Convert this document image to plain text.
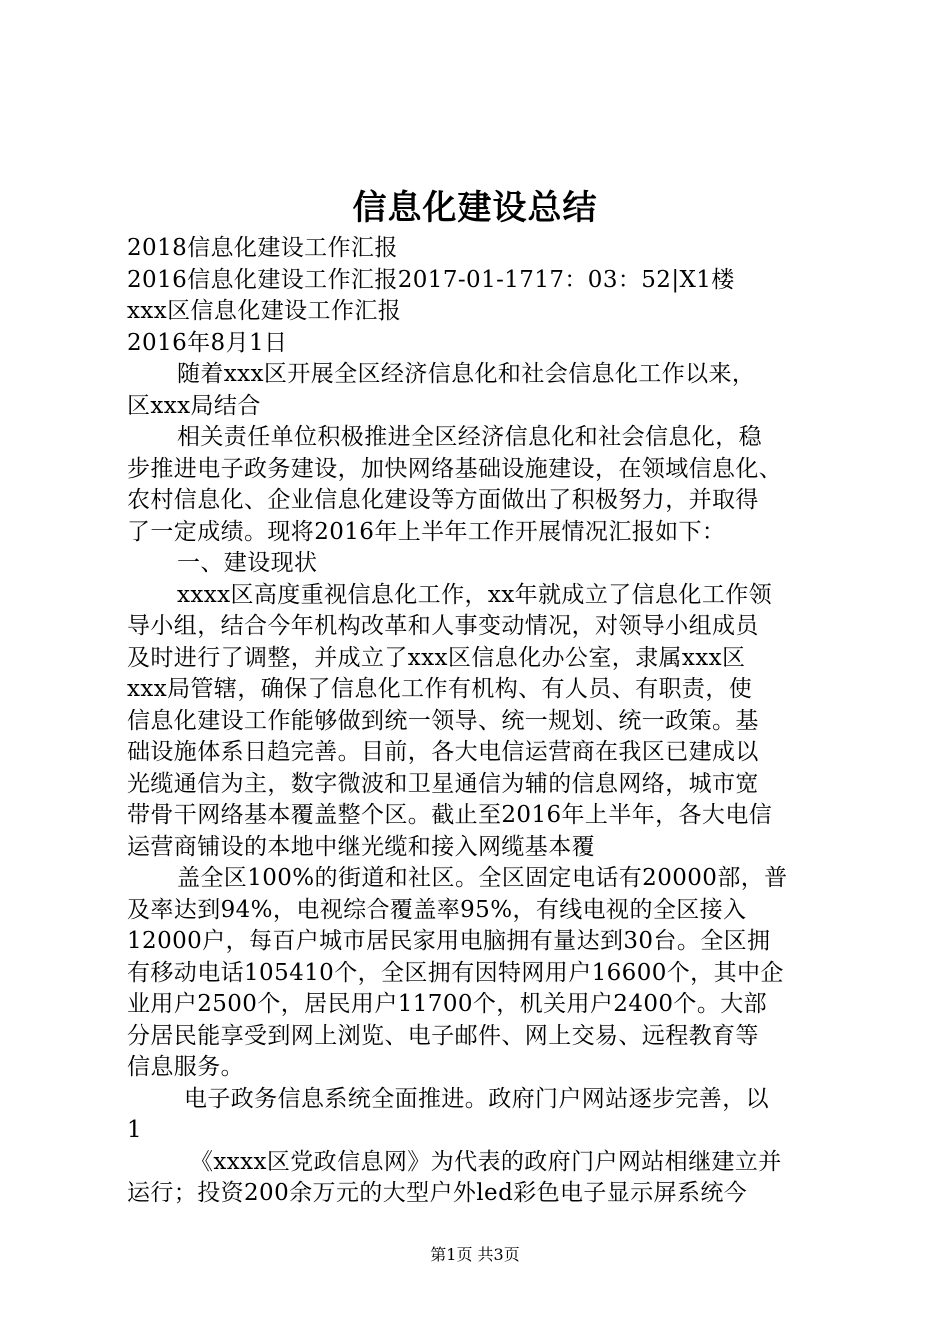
信息化建设总结
2018信息化建设工作汇报
2016信息化建设工作汇报2017-01-1717：03：52|X1楼
xxx区信息化建设工作汇报
2016年8月1日
随着xxx区开展全区经济信息化和社会信息化工作以来，
区xxx局结合
相关责任单位积极推进全区经济信息化和社会信息化，稳
步推进电子政务建设，加快网络基础设施建设，在领域信息化、
农村信息化、企业信息化建设等方面做出了积极努力，并取得
了一定成绩。现将2016年上半年工作开展情况汇报如下：
一、建设现状
xxxx区高度重视信息化工作，xx年就成立了信息化工作领
导小组，结合今年机构改革和人事变动情况，对领导小组成员
及时进行了调整，并成立了xxx区信息化办公室，隶属xxx区
xxx局管辖，确保了信息化工作有机构、有人员、有职责，使
信息化建设工作能够做到统一领导、统一规划、统一政策。基
础设施体系日趋完善。目前，各大电信运营商在我区已建成以
光缆通信为主，数字微波和卫星通信为辅的信息网络，城市宽
带骨干网络基本覆盖整个区。截止至2016年上半年，各大电信
运营商铺设的本地中继光缆和接入网缆基本覆
盖全区100%的街道和社区。全区固定电话有20000部，普
及率达到94%，电视综合覆盖率95%，有线电视的全区接入
12000户，每百户城市居民家用电脑拥有量达到30台。全区拥
有移动电话105410个，全区拥有因特网用户16600个，其中企
业用户2500个，居民用户11700个，机关用户2400个。大部
分居民能享受到网上浏览、电子邮件、网上交易、远程教育等
信息服务。
电子政务信息系统全面推进。政府门户网站逐步完善，以
1
《xxxx区党政信息网》为代表的政府门户网站相继建立并
运行；投资200余万元的大型户外led彩色电子显示屏系统今
第1页 共3页
